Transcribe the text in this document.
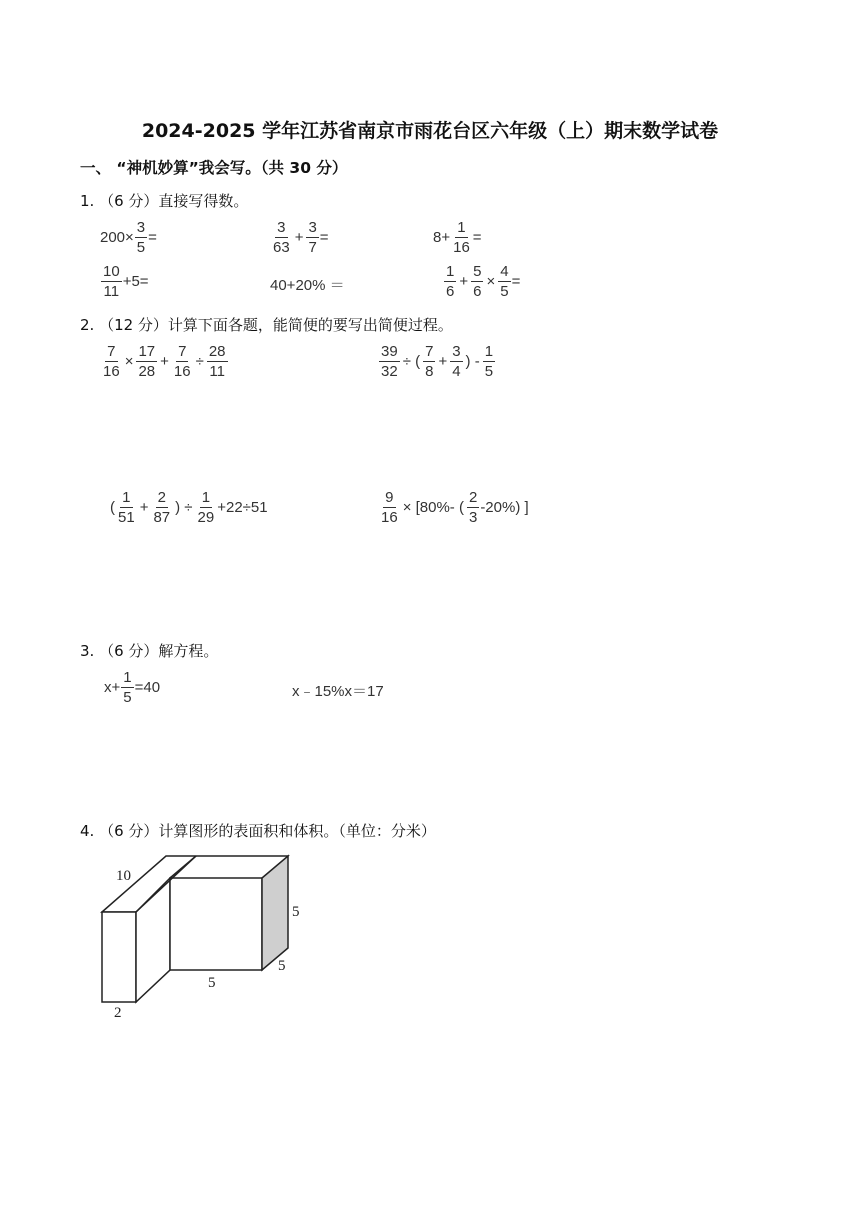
2024-2025 学年江苏省南京市雨花台区六年级（上）期末数学试卷
一、 “神机妙算”我会写。（共 30 分）
1. （6 分）直接写得数。
$200\times \frac{3}{5}$ =	$\frac{3}{63} + \frac{3}{7}$ =	$8+ \frac{1}{16}$ =
$\frac{10}{11} +5=$	40+20% ＝	$\frac{1}{6} + \frac{5}{6} \times \frac{4}{5}$ =
2. （12 分）计算下面各题，能简便的要写出简便过程。
$\frac{7}{16} \times \frac{17}{28} + \frac{7}{16} \div \frac{28}{11}$	$\frac{39}{32}$ ÷ ( $\frac{7}{8} + \frac{3}{4}$ ) - $\frac{1}{5}$
( $\frac{1}{51} + \frac{2}{87}$ ) ÷ $\frac{1}{29} +22\div 51$	$\frac{9}{16} \times [80\%-$ ( $\frac{2}{3} -20\%$) ]
3. （6 分）解方程。
$x+ \frac{1}{5} =40$	x﹣15%x＝17
4. （6 分）计算图形的表面积和体积。（单位：分米）
10
5
5
5
2
